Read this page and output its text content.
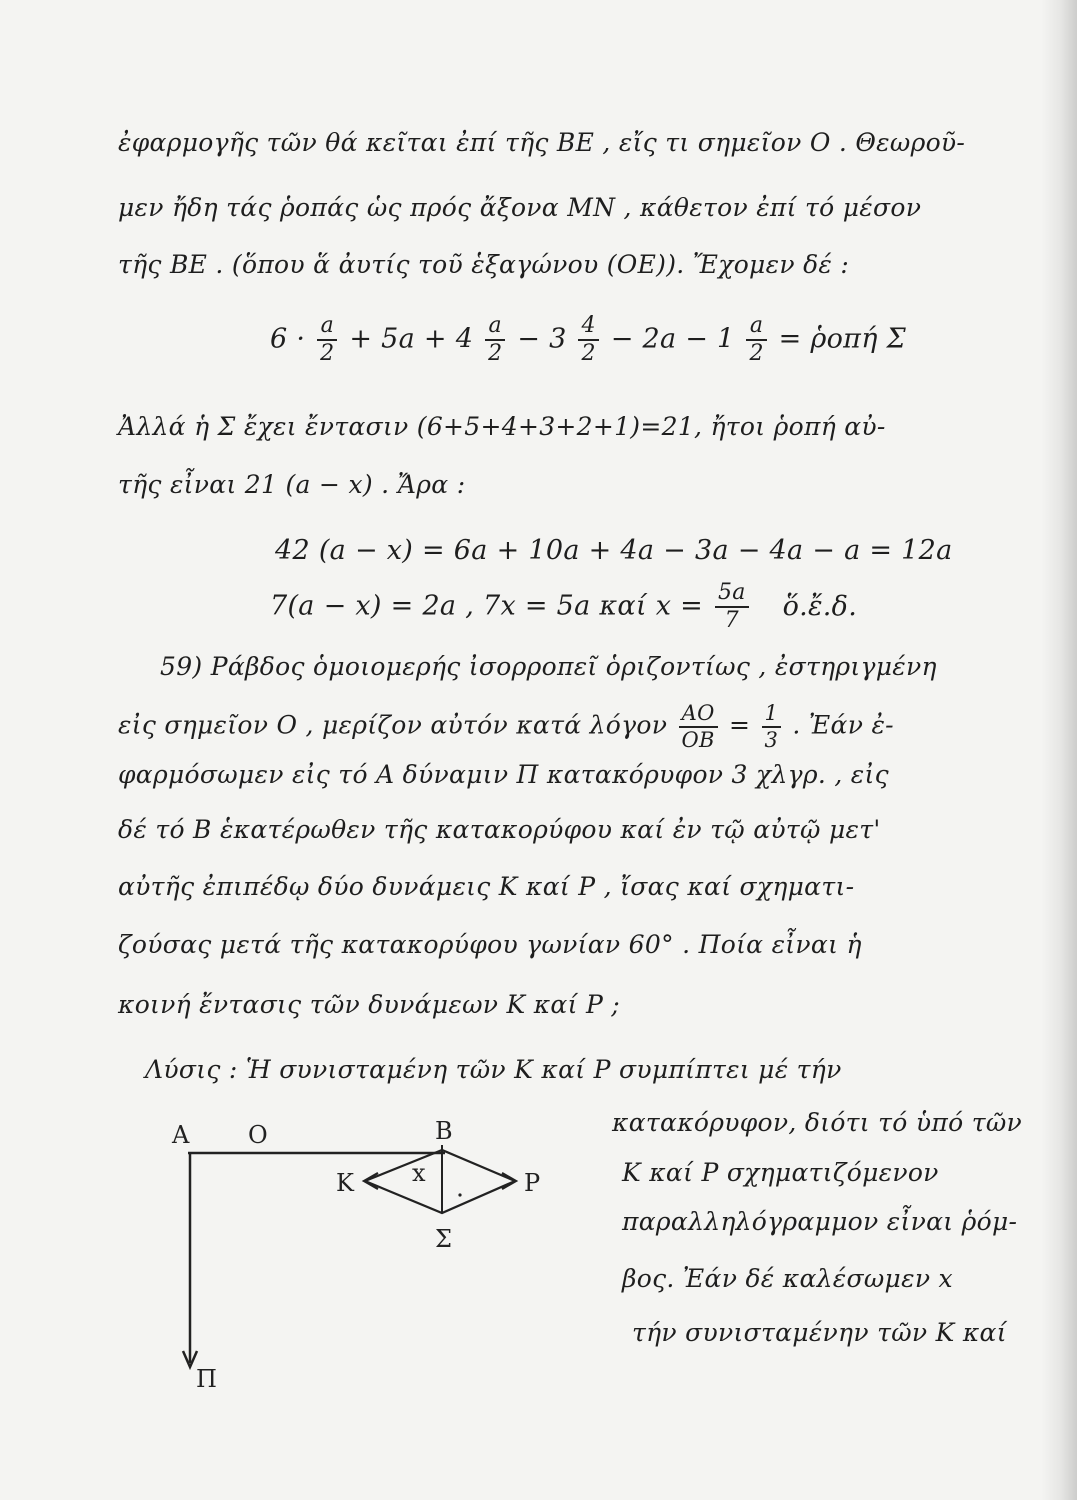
ἐφαρμογῆς τῶν θά κεῖται ἐπί τῆς BE , εἴς τι σημεῖον O . Θεωροῦ-
μεν ἤδη τάς ῥοπάς ὡς πρός ἄξονα MN , κάθετον ἐπί τό μέσον
τῆς BE . (ὅπου ἅ ἀυτίς τοῦ ἑξαγώνου (ΟΕ)). Ἔχομεν δέ :
$6 \cdot \frac{a}{2} + 5a + 4 \frac{a}{2} - 3 \frac{4}{2} - 2a - 1 \frac{a}{2}$ = ῥοπή Σ
Ἀλλά ἡ Σ ἔχει ἔντασιν (6+5+4+3+2+1)=21, ἤτοι ῥοπή αὐ-
τῆς εἶναι 21 (a − x) . Ἄρα :
42 (a − x) = 6a + 10a + 4a − 3a − 4a − a = 12a
7(a − x) = 2a , 7x = 5a καί $x = \frac{5a}{7}$ ὅ.ἔ.δ.
59) Ράβδος ὁμοιομερής ἰσορροπεῖ ὁριζοντίως , ἐστηριγμένη
εἰς σημεῖον O , μερίζον αὐτόν κατά λόγον $\frac{AO}{OB} = \frac{1}{3}$ . Ἐάν ἐ-
φαρμόσωμεν εἰς τό A δύναμιν Π κατακόρυφον 3 χλγρ. , εἰς
δέ τό B ἑκατέρωθεν τῆς κατακορύφου καί ἐν τῷ αὐτῷ μετ'
αὐτῆς ἐπιπέδῳ δύο δυνάμεις K καί P , ἴσας καί σχηματι-
ζούσας μετά τῆς κατακορύφου γωνίαν 60° . Ποία εἶναι ἡ
κοινή ἔντασις τῶν δυνάμεων K καί P ;
Λύσις : Ἡ συνισταμένη τῶν K καί P συμπίπτει μέ τήν
κατακόρυφον, διότι τό ὑπό τῶν
K καί P σχηματιζόμενον
παραλληλόγραμμον εἶναι ῥόμ-
βος. Ἐάν δέ καλέσωμεν x
τήν συνισταμένην τῶν K καί
A O	B
K x	P
Σ
Π
